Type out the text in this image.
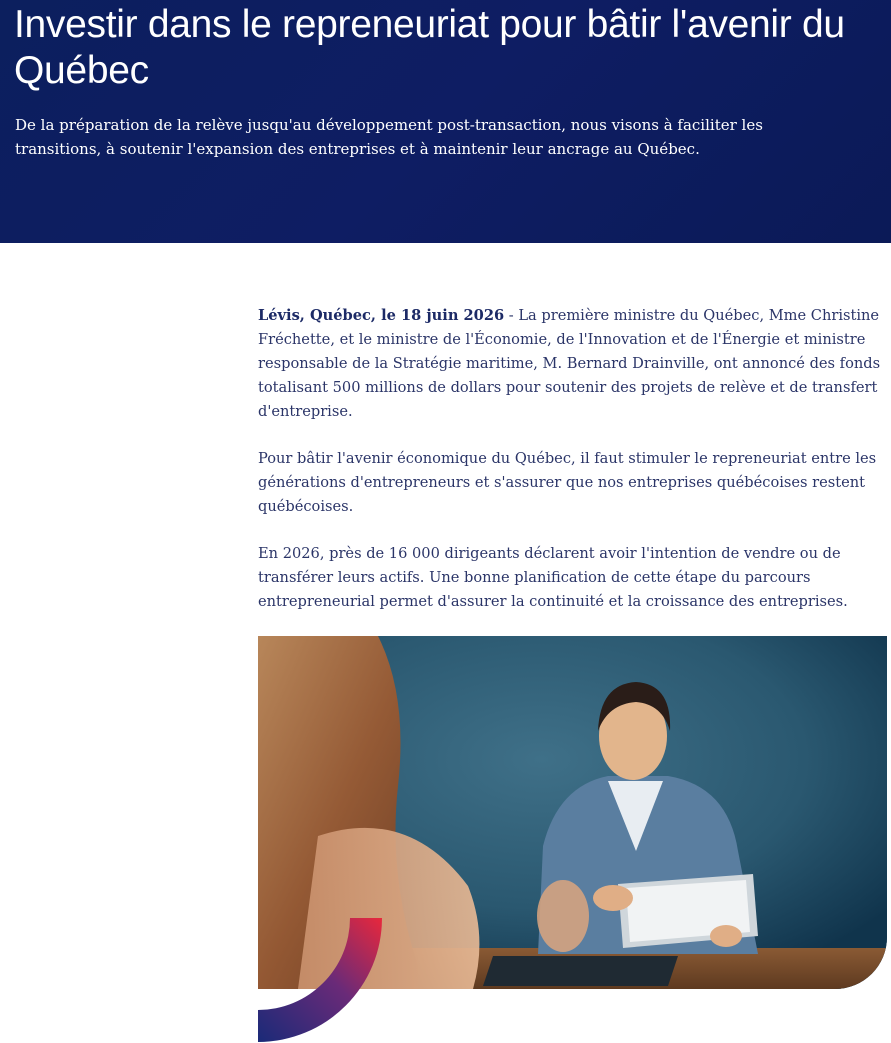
Investir dans le repreneuriat pour bâtir l'avenir du Québec

De la préparation de la relève jusqu'au développement post-transaction, nous visons à faciliter les transitions, à soutenir l'expansion des entreprises et à maintenir leur ancrage au Québec.

Lévis, Québec, le 18 juin 2026 - La première ministre du Québec, Mme Christine Fréchette, et le ministre de l'Économie, de l'Innovation et de l'Énergie et ministre responsable de la Stratégie maritime, M. Bernard Drainville, ont annoncé des fonds totalisant 500 millions de dollars pour soutenir des projets de relève et de transfert d'entreprise.

Pour bâtir l'avenir économique du Québec, il faut stimuler le repreneuriat entre les générations d'entrepreneurs et s'assurer que nos entreprises québécoises restent québécoises.

En 2026, près de 16 000 dirigeants déclarent avoir l'intention de vendre ou de transférer leurs actifs. Une bonne planification de cette étape du parcours entrepreneurial permet d'assurer la continuité et la croissance des entreprises.
